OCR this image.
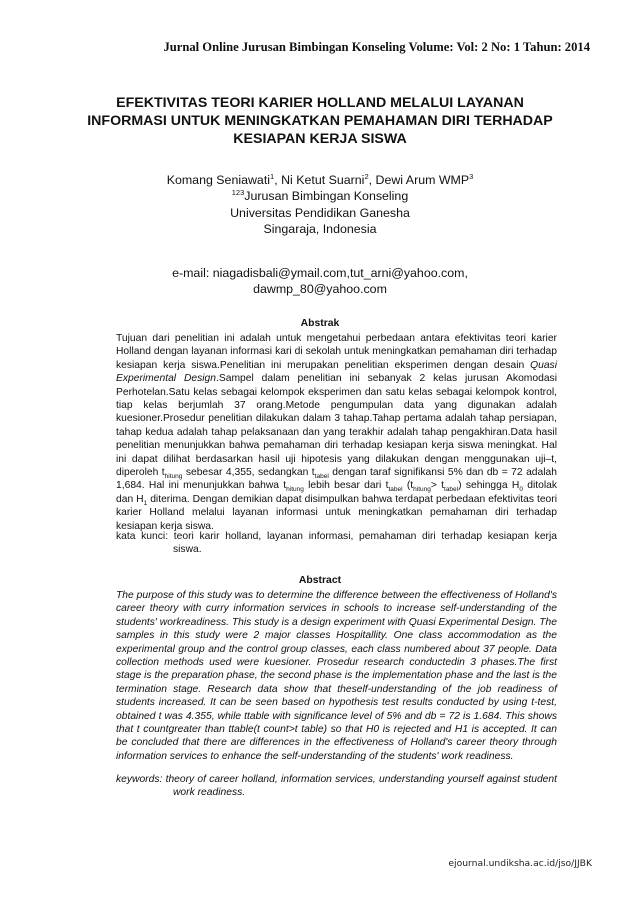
Jurnal Online Jurusan Bimbingan Konseling Volume: Vol: 2 No: 1 Tahun: 2014
EFEKTIVITAS TEORI KARIER HOLLAND MELALUI LAYANAN
INFORMASI UNTUK MENINGKATKAN PEMAHAMAN DIRI TERHADAP
KESIAPAN KERJA SISWA
Komang Seniawati$^1$, Ni Ketut Suarni$^2$, Dewi Arum WMP$^3$
$^{123}$Jurusan Bimbingan Konseling
Universitas Pendidikan Ganesha
Singaraja, Indonesia
e-mail: niagadisbali@ymail.com,tut_arni@yahoo.com,
dawmp_80@yahoo.com
Abstrak

Tujuan dari penelitian ini adalah untuk mengetahui perbedaan antara efektivitas teori karier Holland dengan layanan informasi kari di sekolah untuk meningkatkan pemahaman diri terhadap kesiapan kerja siswa.Penelitian ini merupakan penelitian eksperimen dengan desain Quasi Experimental Design.Sampel dalam penelitian ini sebanyak 2 kelas jurusan Akomodasi Perhotelan.Satu kelas sebagai kelompok eksperimen dan satu kelas sebagai kelompok kontrol, tiap kelas berjumlah 37 orang.Metode pengumpulan data yang digunakan adalah kuesioner.Prosedur penelitian dilakukan dalam 3 tahap.Tahap pertama adalah tahap persiapan, tahap kedua adalah tahap pelaksanaan dan yang terakhir adalah tahap pengakhiran.Data hasil penelitian menunjukkan bahwa pemahaman diri terhadap kesiapan kerja siswa meningkat. Hal ini dapat dilihat berdasarkan hasil uji hipotesis yang dilakukan dengan menggunakan uji–t, diperoleh $t_{hitung}$ sebesar 4,355, sedangkan $t_{tabel}$ dengan taraf signifikansi 5% dan db = 72 adalah 1,684. Hal ini menunjukkan bahwa $t_{hitung}$ lebih besar dari $t_{tabel}$ $(t_{hitung}> t_{tabel})$ sehingga $H_0$ ditolak dan $H_1$ diterima. Dengan demikian dapat disimpulkan bahwa terdapat perbedaan efektivitas teori karier Holland melalui layanan informasi untuk meningkatkan pemahaman diri terhadap kesiapan kerja siswa.

kata kunci: teori karir holland, layanan informasi, pemahaman diri terhadap kesiapan kerja siswa.

Abstract

The purpose of this study was to determine the difference between the effectiveness of Holland's career theory with curry information services in schools to increase self-understanding of the students' workreadiness. This study is a design experiment with Quasi Experimental Design. The samples in this study were 2 major classes Hospitallity. One class accommodation as the experimental group and the control group classes, each class numbered about 37 people. Data collection methods used were kuesioner. Prosedur research conductedin 3 phases.The first stage is the preparation phase, the second phase is the implementation phase and the last is the termination stage. Research data show that theself-understanding of the job readiness of students increased. It can be seen based on hypothesis test results conducted by using t-test, obtained t was 4.355, while ttable with significance level of 5% and db = 72 is 1.684. This shows that t countgreater than ttable(t count>t table) so that H0 is rejected and H1 is accepted. It can be concluded that there are differences in the effectiveness of Holland's career theory through information services to enhance the self-understanding of the students' work readiness.

keywords: theory of career holland, information services, understanding yourself against student work readiness.

ejournal.undiksha.ac.id/jso/JJBK
